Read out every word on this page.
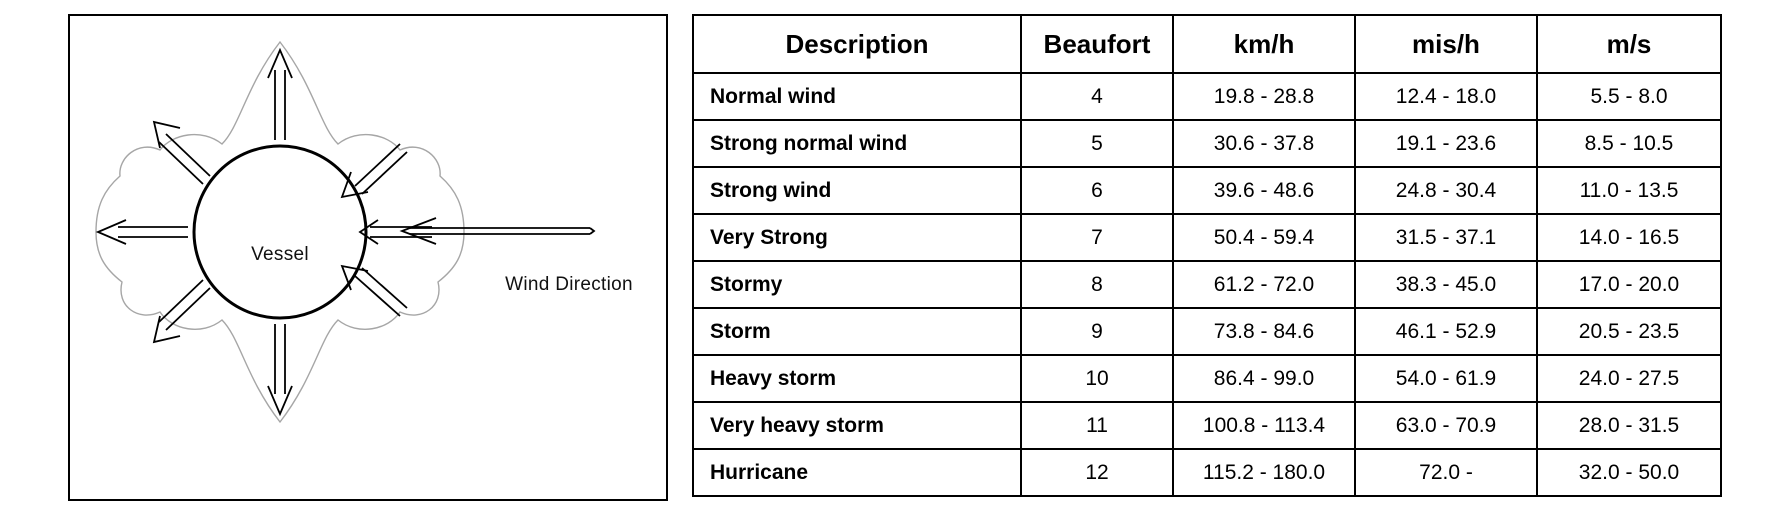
Vessel
Wind Direction
Description	Beaufort	km/h	mis/h	m/s
Normal wind	4	19.8 - 28.8	12.4 - 18.0	5.5 - 8.0
Strong normal wind	5	30.6 - 37.8	19.1 - 23.6	8.5 - 10.5
Strong wind	6	39.6 - 48.6	24.8 - 30.4	11.0 - 13.5
Very Strong	7	50.4 - 59.4	31.5 - 37.1	14.0 - 16.5
Stormy	8	61.2 - 72.0	38.3 - 45.0	17.0 - 20.0
Storm	9	73.8 - 84.6	46.1 - 52.9	20.5 - 23.5
Heavy storm	10	86.4 - 99.0	54.0 - 61.9	24.0 - 27.5
Very heavy storm	11	100.8 - 113.4	63.0 - 70.9	28.0 - 31.5
Hurricane	12	115.2 - 180.0	72.0 -	32.0 - 50.0
